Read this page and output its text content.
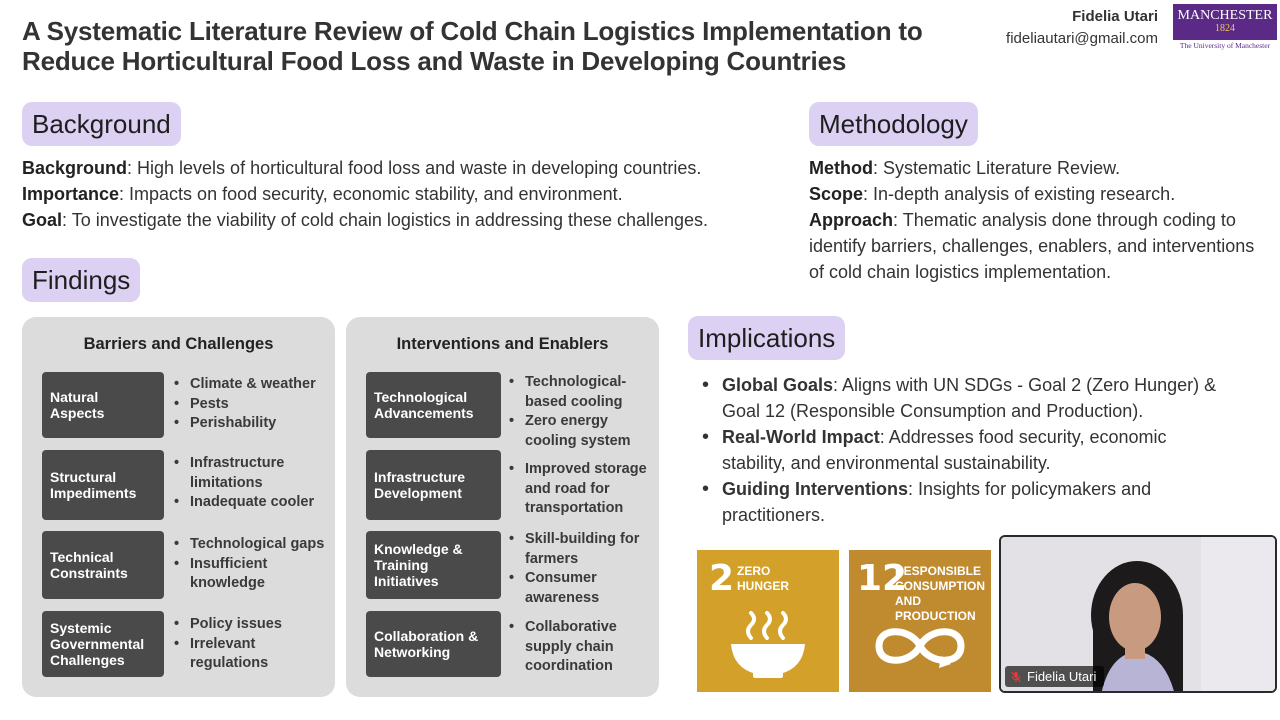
A Systematic Literature Review of Cold Chain Logistics Implementation to Reduce Horticultural Food Loss and Waste in Developing Countries
Fidelia Utari
fideliautari@gmail.com
MANCHESTER
1824
The University of Manchester
Background
Background: High levels of horticultural food loss and waste in developing countries.
Importance: Impacts on food security, economic stability, and environment.
Goal: To investigate the viability of cold chain logistics in addressing these challenges.
Methodology
Method: Systematic Literature Review.
Scope: In-depth analysis of existing research.
Approach: Thematic analysis done through coding to identify barriers, challenges, enablers, and interventions of cold chain logistics implementation.
Findings
Barriers and Challenges
Natural Aspects
• Climate & weather
• Pests
• Perishability
Structural Impediments
• Infrastructure limitations
• Inadequate cooler
Technical Constraints
• Technological gaps
• Insufficient knowledge
Systemic Governmental Challenges
• Policy issues
• Irrelevant regulations
Interventions and Enablers
Technological Advancements
• Technological-based cooling
• Zero energy cooling system
Infrastructure Development
• Improved storage and road for transportation
Knowledge & Training Initiatives
• Skill-building for farmers
• Consumer awareness
Collaboration & Networking
• Collaborative supply chain coordination
Implications
• Global Goals: Aligns with UN SDGs - Goal 2 (Zero Hunger) & Goal 12 (Responsible Consumption and Production).
• Real-World Impact: Addresses food security, economic stability, and environmental sustainability.
• Guiding Interventions: Insights for policymakers and practitioners.
2 ZERO HUNGER 12
RESPONSIBLE CONSUMPTION AND PRODUCTION
Fidelia Utari
